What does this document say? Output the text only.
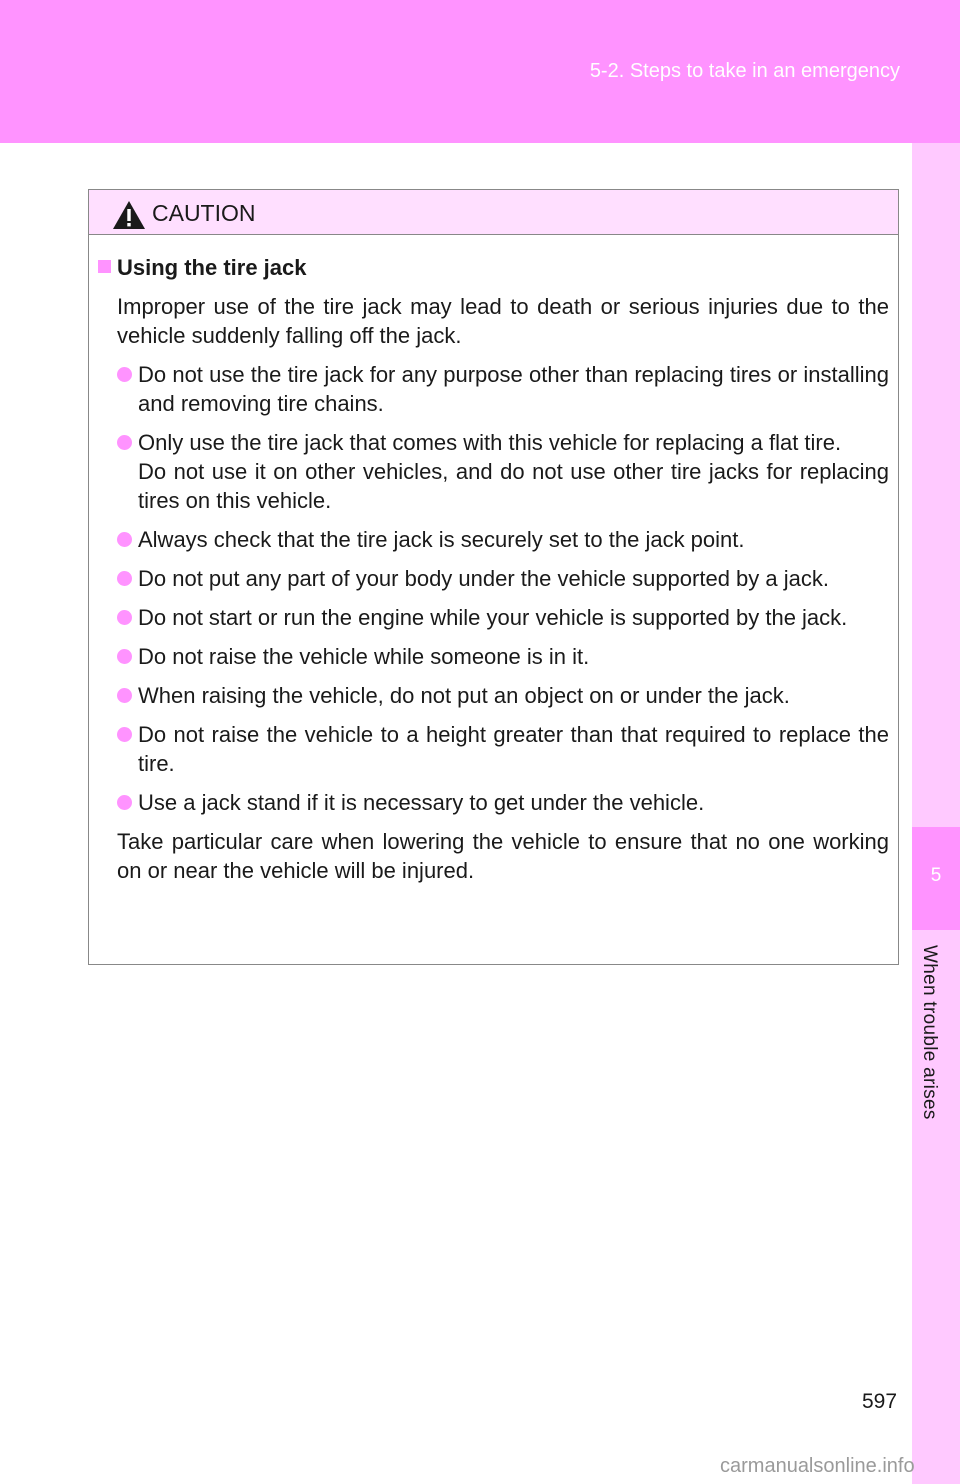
5-2. Steps to take in an emergency
5
When trouble arises
CAUTION
Using the tire jack
Improper use of the tire jack may lead to death or serious injuries due to the vehicle suddenly falling off the jack.
Do not use the tire jack for any purpose other than replacing tires or installing and removing tire chains.
Only use the tire jack that comes with this vehicle for replacing a flat tire.
Do not use it on other vehicles, and do not use other tire jacks for replacing tires on this vehicle.
Always check that the tire jack is securely set to the jack point.
Do not put any part of your body under the vehicle supported by a jack.
Do not start or run the engine while your vehicle is supported by the jack.
Do not raise the vehicle while someone is in it.
When raising the vehicle, do not put an object on or under the jack.
Do not raise the vehicle to a height greater than that required to replace the tire.
Use a jack stand if it is necessary to get under the vehicle.
Take particular care when lowering the vehicle to ensure that no one working on or near the vehicle will be injured.
597
carmanualsonline.info
